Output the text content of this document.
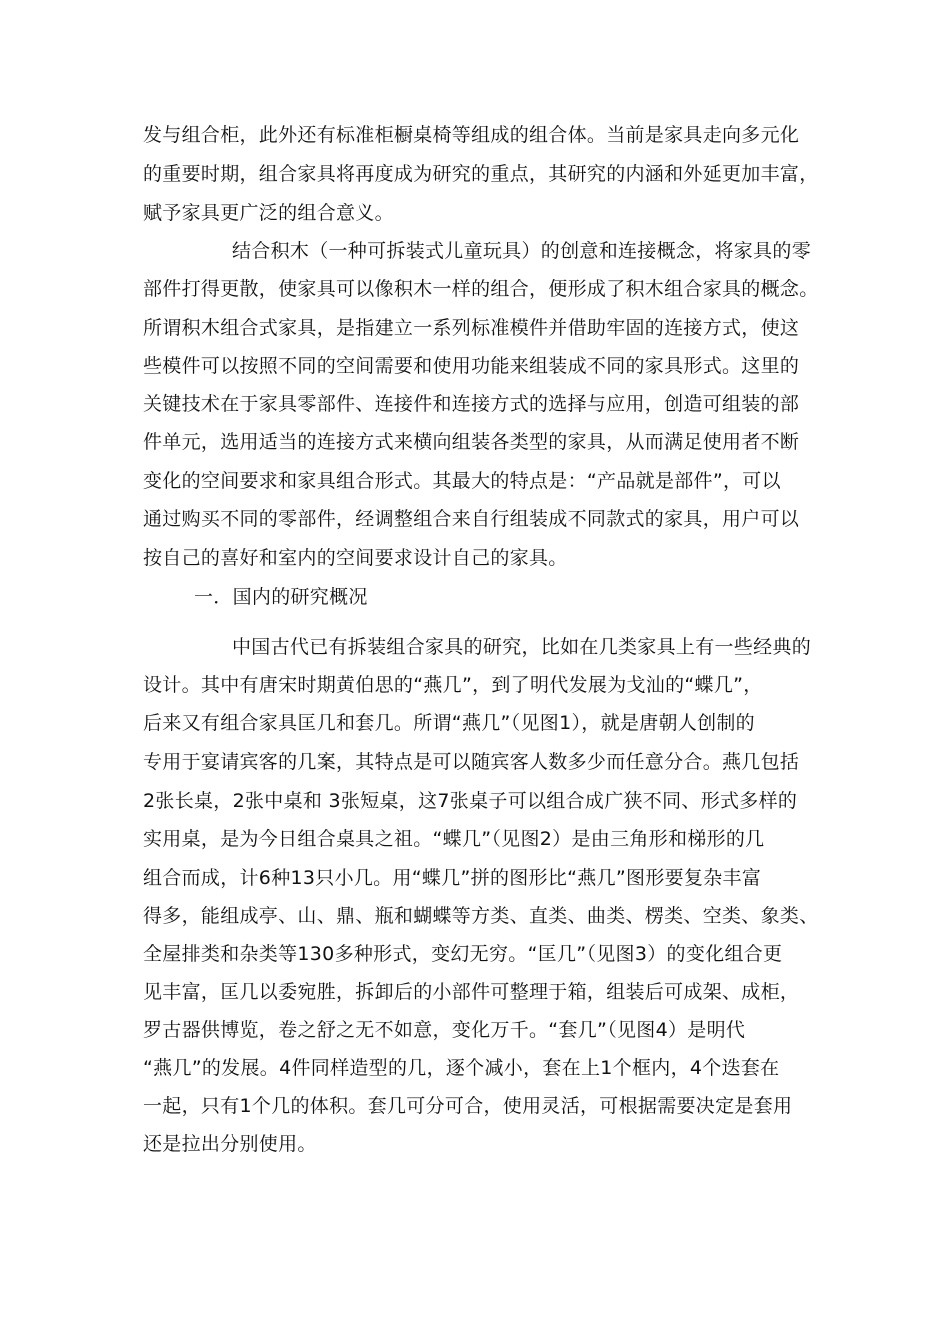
发与组合柜，此外还有标准柜橱桌椅等组成的组合体。当前是家具走向多元化
的重要时期，组合家具将再度成为研究的重点，其研究的内涵和外延更加丰富，
赋予家具更广泛的组合意义。
结合积木（一种可拆装式儿童玩具）的创意和连接概念，将家具的零
部件打得更散，使家具可以像积木一样的组合，便形成了积木组合家具的概念。
所谓积木组合式家具，是指建立一系列标准模件并借助牢固的连接方式，使这
些模件可以按照不同的空间需要和使用功能来组装成不同的家具形式。这里的
关键技术在于家具零部件、连接件和连接方式的选择与应用，创造可组装的部
件单元，选用适当的连接方式来横向组装各类型的家具，从而满足使用者不断
变化的空间要求和家具组合形式。其最大的特点是：“产品就是部件”，可以
通过购买不同的零部件，经调整组合来自行组装成不同款式的家具，用户可以
按自己的喜好和室内的空间要求设计自己的家具。
一．国内的研究概况
中国古代已有拆装组合家具的研究，比如在几类家具上有一些经典的
设计。其中有唐宋时期黄伯思的“燕几”，到了明代发展为戈汕的“蝶几”，
后来又有组合家具匡几和套几。所谓“燕几”（见图1），就是唐朝人创制的
专用于宴请宾客的几案，其特点是可以随宾客人数多少而任意分合。燕几包括
2张长桌，2张中桌和 3张短桌，这7张桌子可以组合成广狭不同、形式多样的
实用桌，是为今日组合桌具之祖。“蝶几”（见图2）是由三角形和梯形的几
组合而成，计6种13只小几。用“蝶几”拼的图形比“燕几”图形要复杂丰富
得多，能组成亭、山、鼎、瓶和蝴蝶等方类、直类、曲类、楞类、空类、象类、
全屋排类和杂类等130多种形式，变幻无穷。“匡几”（见图3）的变化组合更
见丰富，匡几以委宛胜，拆卸后的小部件可整理于箱，组装后可成架、成柜，
罗古器供博览，卷之舒之无不如意，变化万千。“套几”（见图4）是明代
“燕几”的发展。4件同样造型的几，逐个减小，套在上1个框内，4个迭套在
一起，只有1个几的体积。套几可分可合，使用灵活，可根据需要决定是套用
还是拉出分别使用。
